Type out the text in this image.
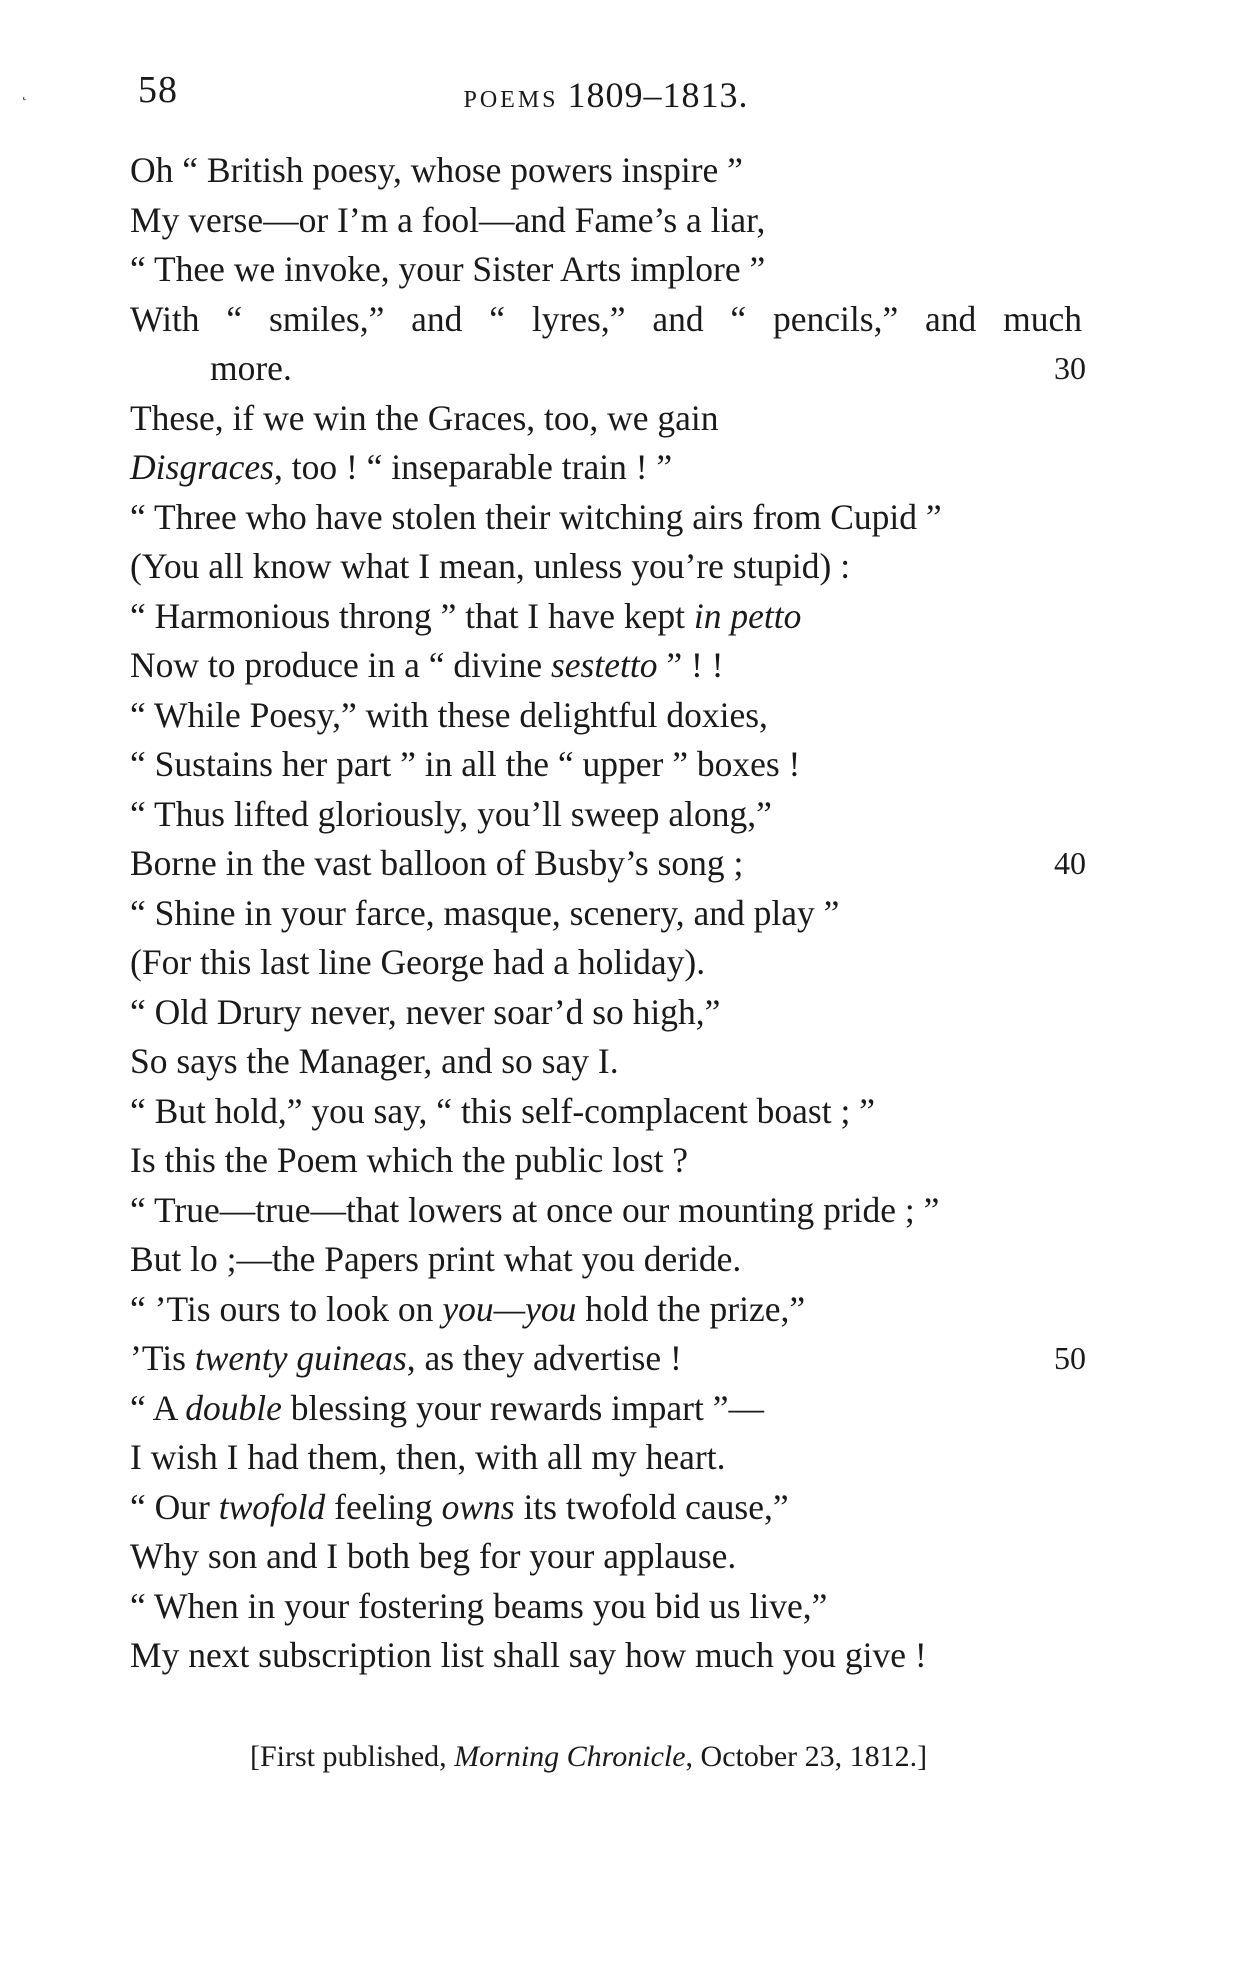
˛	58	POEMS 1809–1813.
Oh “ British poesy, whose powers inspire ”
My verse—or I’m a fool—and Fame’s a liar,
“ Thee we invoke, your Sister Arts implore ”
With “ smiles,” and “ lyres,” and “ pencils,” and much
more.	30
These, if we win the Graces, too, we gain
Disgraces, too ! “ inseparable train ! ”
“ Three who have stolen their witching airs from Cupid ”
(You all know what I mean, unless you’re stupid) :
“ Harmonious throng ” that I have kept in petto
Now to produce in a “ divine sestetto ” ! !
“ While Poesy,” with these delightful doxies,
“ Sustains her part ” in all the “ upper ” boxes !
“ Thus lifted gloriously, you’ll sweep along,”
Borne in the vast balloon of Busby’s song ;	40
“ Shine in your farce, masque, scenery, and play ”
(For this last line George had a holiday).
“ Old Drury never, never soar’d so high,”
So says the Manager, and so say I.
“ But hold,” you say, “ this self-complacent boast ; ”
Is this the Poem which the public lost ?
“ True—true—that lowers at once our mounting pride ; ”
But lo ;—the Papers print what you deride.
“ ’Tis ours to look on you—you hold the prize,”
’Tis twenty guineas, as they advertise !	50
“ A double blessing your rewards impart ”—
I wish I had them, then, with all my heart.
“ Our twofold feeling owns its twofold cause,”
Why son and I both beg for your applause.
“ When in your fostering beams you bid us live,”
My next subscription list shall say how much you give !
[First published, Morning Chronicle, October 23, 1812.]
